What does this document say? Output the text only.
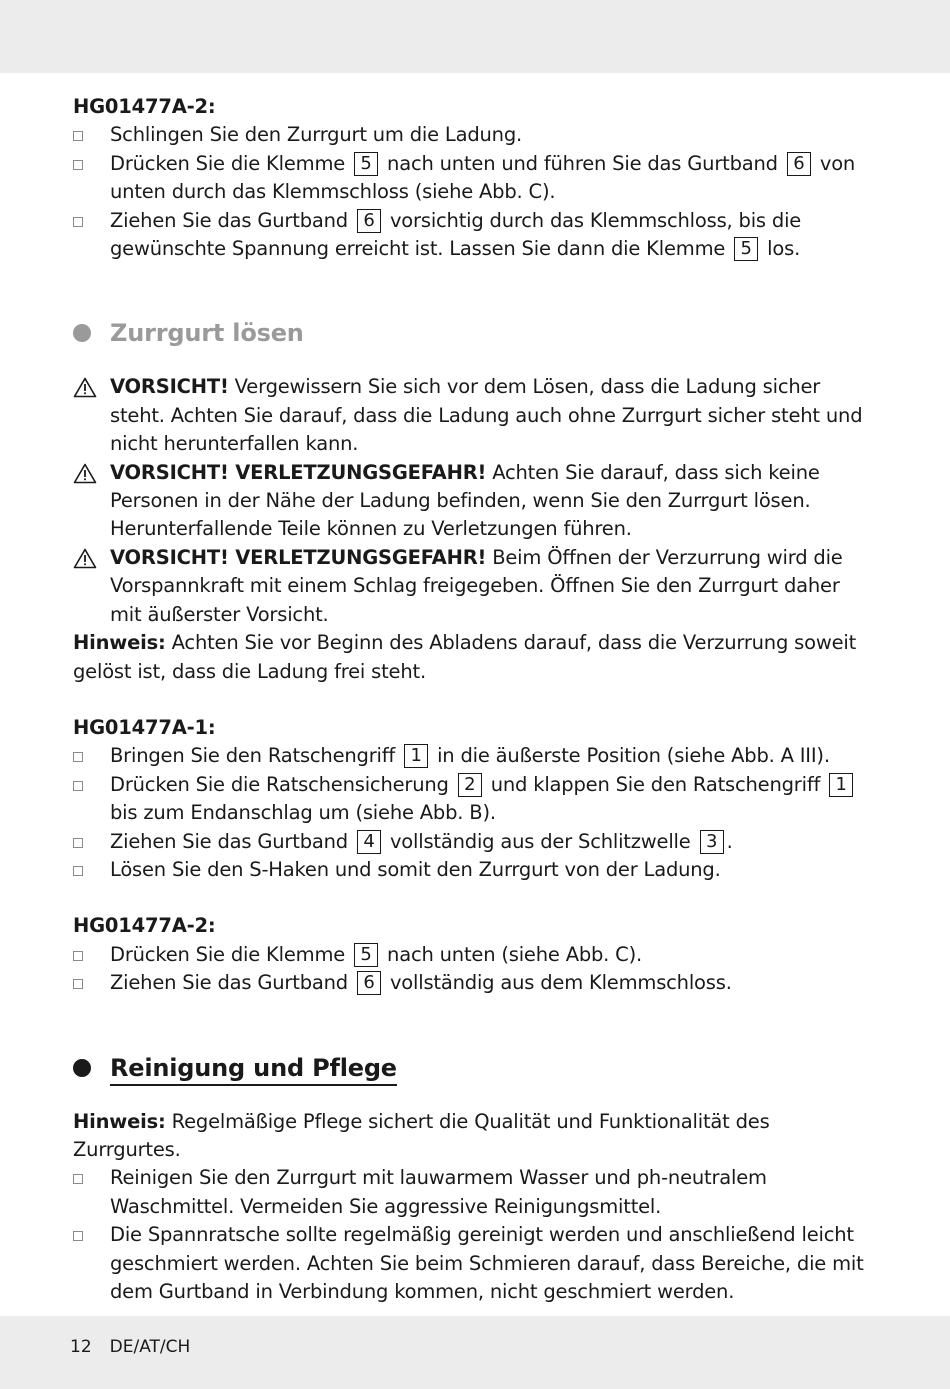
HG01477A-2:
Schlingen Sie den Zurrgurt um die Ladung.
Drücken Sie die Klemme 5 nach unten und führen Sie das Gurtband 6 von unten durch das Klemmschloss (siehe Abb. C).
Ziehen Sie das Gurtband 6 vorsichtig durch das Klemmschloss, bis die gewünschte Spannung erreicht ist. Lassen Sie dann die Klemme 5 los.
Zurrgurt lösen
VORSICHT! Vergewissern Sie sich vor dem Lösen, dass die Ladung sicher steht. Achten Sie darauf, dass die Ladung auch ohne Zurrgurt sicher steht und nicht herunterfallen kann.
VORSICHT! VERLETZUNGSGEFAHR! Achten Sie darauf, dass sich keine Personen in der Nähe der Ladung befinden, wenn Sie den Zurrgurt lösen. Herunterfallende Teile können zu Verletzungen führen.
VORSICHT! VERLETZUNGSGEFAHR! Beim Öffnen der Verzurrung wird die Vorspannkraft mit einem Schlag freigegeben. Öffnen Sie den Zurrgurt daher mit äußerster Vorsicht.
Hinweis: Achten Sie vor Beginn des Abladens darauf, dass die Verzurrung soweit gelöst ist, dass die Ladung frei steht.
HG01477A-1:
Bringen Sie den Ratschengriff 1 in die äußerste Position (siehe Abb. A III).
Drücken Sie die Ratschensicherung 2 und klappen Sie den Ratschengriff 1 bis zum Endanschlag um (siehe Abb. B).
Ziehen Sie das Gurtband 4 vollständig aus der Schlitzwelle 3 .
Lösen Sie den S-Haken und somit den Zurrgurt von der Ladung.
HG01477A-2:
Drücken Sie die Klemme 5 nach unten (siehe Abb. C).
Ziehen Sie das Gurtband 6 vollständig aus dem Klemmschloss.
Reinigung und Pflege
Hinweis: Regelmäßige Pflege sichert die Qualität und Funktionalität des Zurrgurtes.
Reinigen Sie den Zurrgurt mit lauwarmem Wasser und ph-neutralem Waschmittel. Vermeiden Sie aggressive Reinigungsmittel.
Die Spannratsche sollte regelmäßig gereinigt werden und anschließend leicht geschmiert werden. Achten Sie beim Schmieren darauf, dass Bereiche, die mit dem Gurtband in Verbindung kommen, nicht geschmiert werden.
12 DE/AT/CH
